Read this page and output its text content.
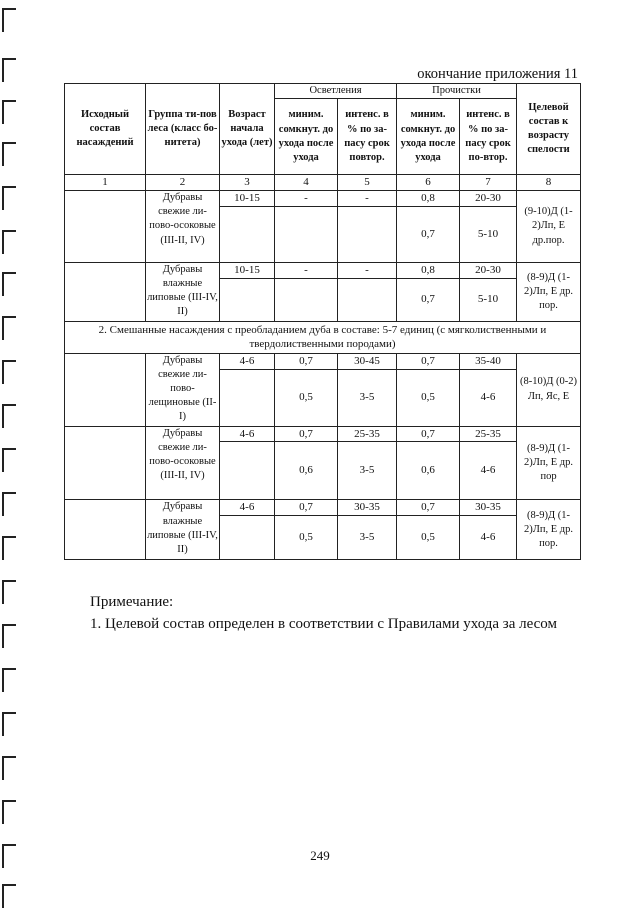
окончание приложения 11
Исходный состав насаждений	Группа ти-пов леса (класс бо-нитета)	Возраст начала ухода (лет)	Осветления		Прочистки		Целевой состав к возрасту спелости
			миним. сомкнут. до ухода после ухода	интенс. в % по за-пасу срок повтор.	миним. сомкнут. до ухода после ухода	интенс. в % по за-пасу срок по-втор.	
1	2	3	4	5	6	7	8
	Дубравы свежие ли-пово-осоковые (III-II, IV)	10-15	-	-	0,8	20-30	(9-10)Д (1-2)Лп, Е др.пор.
					0,7	5-10	
	Дубравы влажные липовые (III-IV, II)	10-15	-	-	0,8	20-30	(8-9)Д (1-2)Лп, Е др. пор.
					0,7	5-10	
2. Смешанные насаждения с преобладанием дуба в составе: 5-7 единиц (с мягколиственными и твердолиственными породами)							
	Дубравы свежие ли-пово-лещиновые (II-I)	4-6	0,7	30-45	0,7	35-40	(8-10)Д (0-2) Лп, Яс, Е
			0,5	3-5	0,5	4-6	
	Дубравы свежие ли-пово-осоковые (III-II, IV)	4-6	0,7	25-35	0,7	25-35	(8-9)Д (1-2)Лп, Е др. пор
			0,6	3-5	0,6	4-6	
	Дубравы влажные липовые (III-IV, II)	4-6	0,7	30-35	0,7	30-35	(8-9)Д (1-2)Лп, Е др. пор.
			0,5	3-5	0,5	4-6	
Примечание:
1. Целевой состав определен в соответствии с Правилами ухода за лесом
249
